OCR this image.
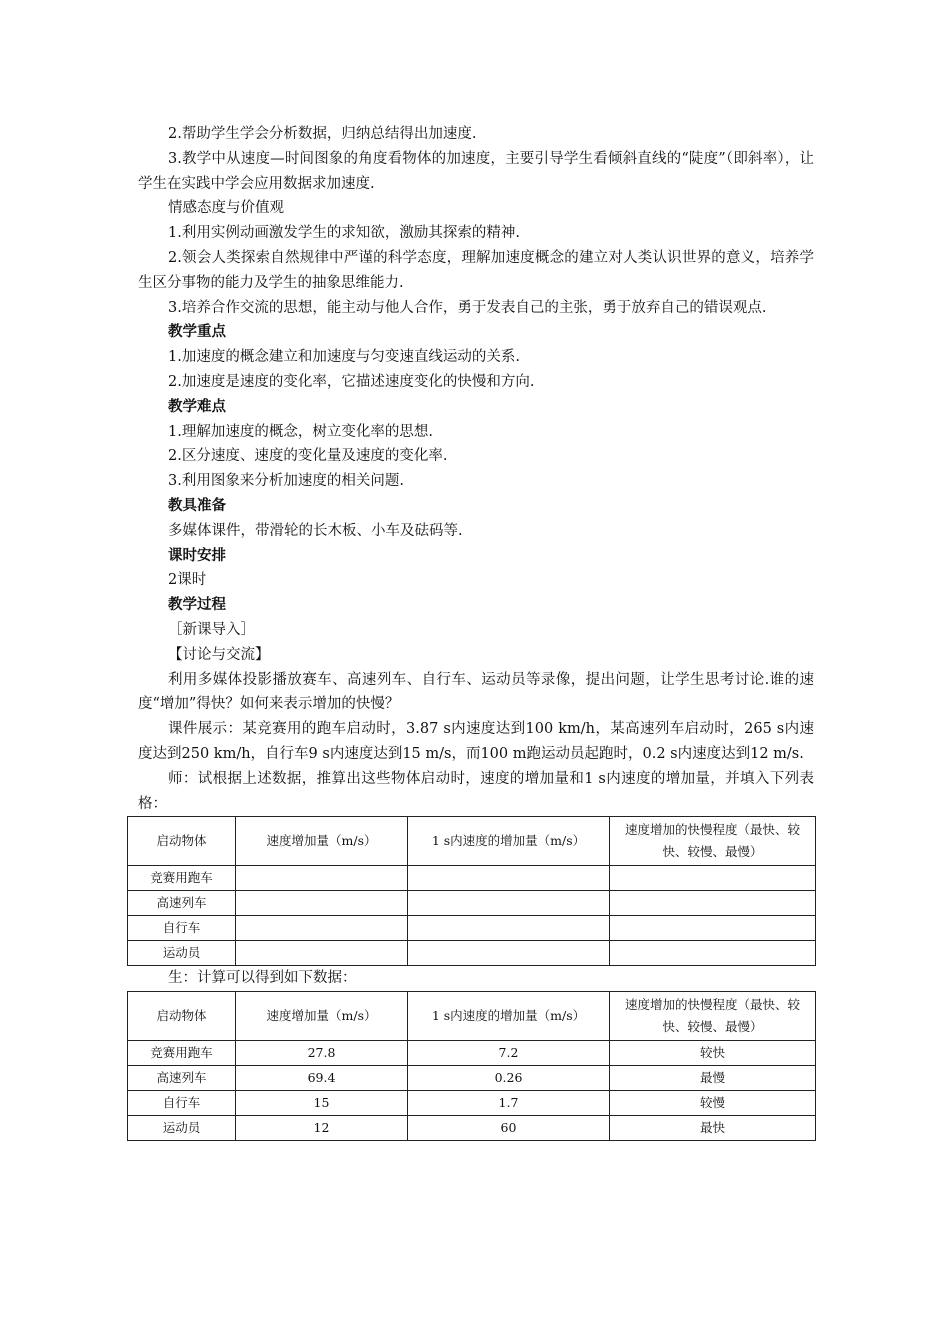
2.帮助学生学会分析数据，归纳总结得出加速度.

3.教学中从速度—时间图象的角度看物体的加速度，主要引导学生看倾斜直线的“陡度”（即斜率），让学生在实践中学会应用数据求加速度.

情感态度与价值观

1.利用实例动画激发学生的求知欲，激励其探索的精神.

2.领会人类探索自然规律中严谨的科学态度，理解加速度概念的建立对人类认识世界的意义，培养学生区分事物的能力及学生的抽象思维能力.

3.培养合作交流的思想，能主动与他人合作，勇于发表自己的主张，勇于放弃自己的错误观点.

教学重点

1.加速度的概念建立和加速度与匀变速直线运动的关系.

2.加速度是速度的变化率，它描述速度变化的快慢和方向.

教学难点

1.理解加速度的概念，树立变化率的思想.

2.区分速度、速度的变化量及速度的变化率.

3.利用图象来分析加速度的相关问题.

教具准备

多媒体课件，带滑轮的长木板、小车及砝码等.

课时安排

2课时

教学过程

［新课导入］

【讨论与交流】

利用多媒体投影播放赛车、高速列车、自行车、运动员等录像，提出问题，让学生思考讨论.谁的速度“增加”得快？如何来表示增加的快慢？

课件展示：某竞赛用的跑车启动时，3.87 s内速度达到100 km/h，某高速列车启动时，265 s内速度达到250 km/h，自行车9 s内速度达到15 m/s，而100 m跑运动员起跑时，0.2 s内速度达到12 m/s.

师：试根据上述数据，推算出这些物体启动时，速度的增加量和1 s内速度的增加量，并填入下列表格：

启动物体	速度增加量（m/s）	1 s内速度的增加量（m/s）	速度增加的快慢程度（最快、较快、较慢、最慢）
竞赛用跑车			
高速列车			
自行车			
运动员			

生：计算可以得到如下数据：

启动物体	速度增加量（m/s）	1 s内速度的增加量（m/s）	速度增加的快慢程度（最快、较快、较慢、最慢）
竞赛用跑车	27.8	7.2	较快
高速列车	69.4	0.26	最慢
自行车	15	1.7	较慢
运动员	12	60	最快
